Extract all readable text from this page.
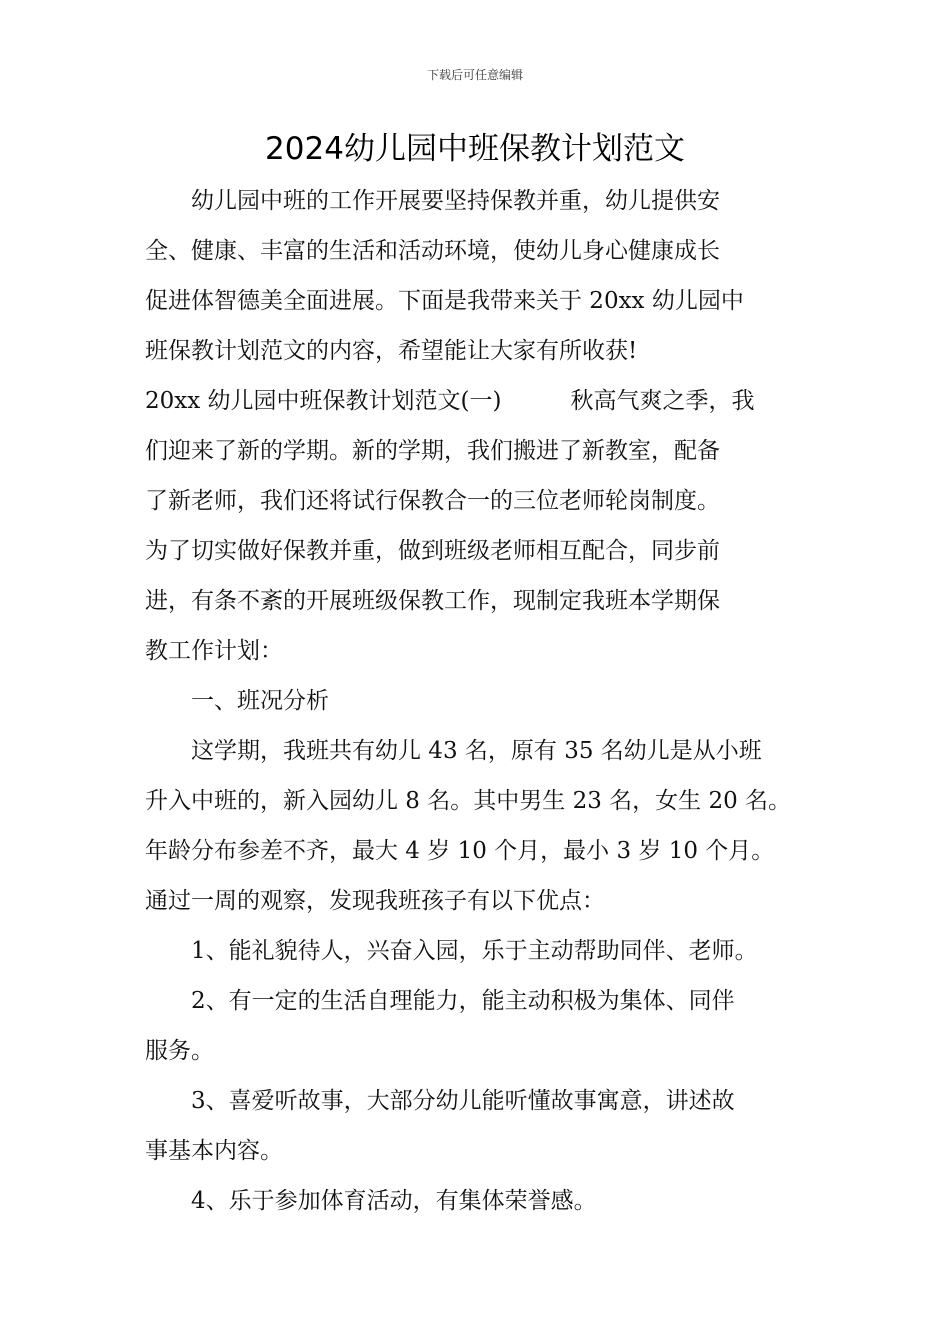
下载后可任意编辑
2024幼儿园中班保教计划范文

幼儿园中班的工作开展要坚持保教并重，幼儿提供安

全、健康、丰富的生活和活动环境，使幼儿身心健康成长

促进体智德美全面进展。下面是我带来关于 20xx 幼儿园中

班保教计划范文的内容，希望能让大家有所收获!

20xx 幼儿园中班保教计划范文(一)　　　秋高气爽之季，我

们迎来了新的学期。新的学期，我们搬进了新教室，配备

了新老师，我们还将试行保教合一的三位老师轮岗制度。

为了切实做好保教并重，做到班级老师相互配合，同步前

进，有条不紊的开展班级保教工作，现制定我班本学期保

教工作计划：

一、班况分析

这学期，我班共有幼儿 43 名，原有 35 名幼儿是从小班

升入中班的，新入园幼儿 8 名。其中男生 23 名，女生 20 名。

年龄分布参差不齐，最大 4 岁 10 个月，最小 3 岁 10 个月。

通过一周的观察，发现我班孩子有以下优点：

1、能礼貌待人，兴奋入园，乐于主动帮助同伴、老师。

2、有一定的生活自理能力，能主动积极为集体、同伴

服务。

3、喜爱听故事，大部分幼儿能听懂故事寓意，讲述故

事基本内容。

4、乐于参加体育活动，有集体荣誉感。
